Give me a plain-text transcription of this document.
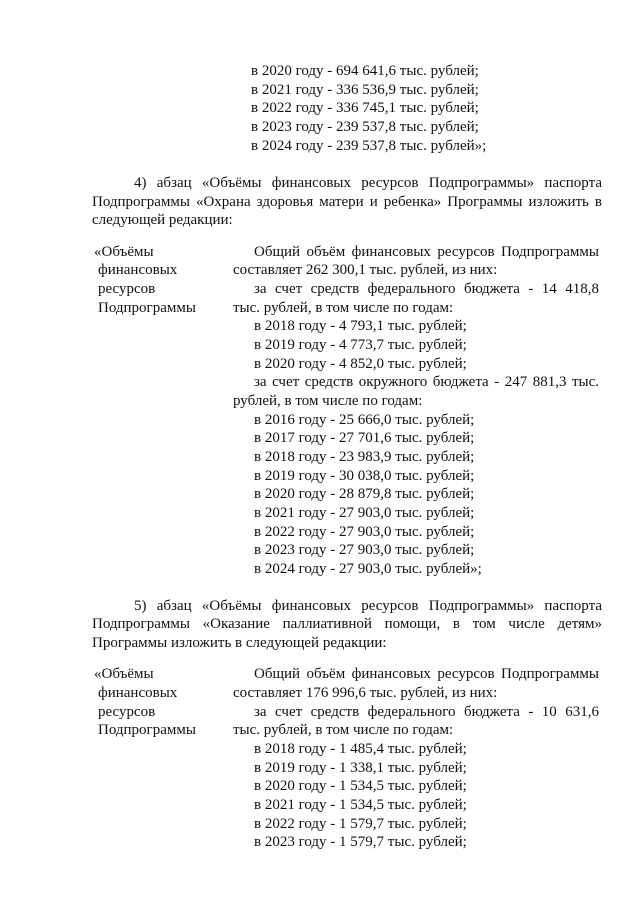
в 2020 году - 694 641,6 тыс. рублей;
в 2021 году - 336 536,9 тыс. рублей;
в 2022 году - 336 745,1 тыс. рублей;
в 2023 году - 239 537,8 тыс. рублей;
в 2024 году - 239 537,8 тыс. рублей»;
4) абзац «Объёмы финансовых ресурсов Подпрограммы» паспорта
Подпрограммы «Охрана здоровья матери и ребенка» Программы изложить в
следующей редакции:
«Объёмы
финансовых
ресурсов
Подпрограммы
Общий объём финансовых ресурсов Подпрограммы
составляет 262 300,1 тыс. рублей, из них:
за счет средств федерального бюджета - 14 418,8
тыс. рублей, в том числе по годам:
в 2018 году - 4 793,1 тыс. рублей;
в 2019 году - 4 773,7 тыс. рублей;
в 2020 году - 4 852,0 тыс. рублей;
за счет средств окружного бюджета - 247 881,3 тыс.
рублей, в том числе по годам:
в 2016 году - 25 666,0 тыс. рублей;
в 2017 году - 27 701,6 тыс. рублей;
в 2018 году - 23 983,9 тыс. рублей;
в 2019 году - 30 038,0 тыс. рублей;
в 2020 году - 28 879,8 тыс. рублей;
в 2021 году - 27 903,0 тыс. рублей;
в 2022 году - 27 903,0 тыс. рублей;
в 2023 году - 27 903,0 тыс. рублей;
в 2024 году - 27 903,0 тыс. рублей»;
5) абзац «Объёмы финансовых ресурсов Подпрограммы» паспорта
Подпрограммы «Оказание паллиативной помощи, в том числе детям»
Программы изложить в следующей редакции:
«Объёмы
финансовых
ресурсов
Подпрограммы
Общий объём финансовых ресурсов Подпрограммы
составляет 176 996,6 тыс. рублей, из них:
за счет средств федерального бюджета - 10 631,6
тыс. рублей, в том числе по годам:
в 2018 году - 1 485,4 тыс. рублей;
в 2019 году - 1 338,1 тыс. рублей;
в 2020 году - 1 534,5 тыс. рублей;
в 2021 году - 1 534,5 тыс. рублей;
в 2022 году - 1 579,7 тыс. рублей;
в 2023 году - 1 579,7 тыс. рублей;
